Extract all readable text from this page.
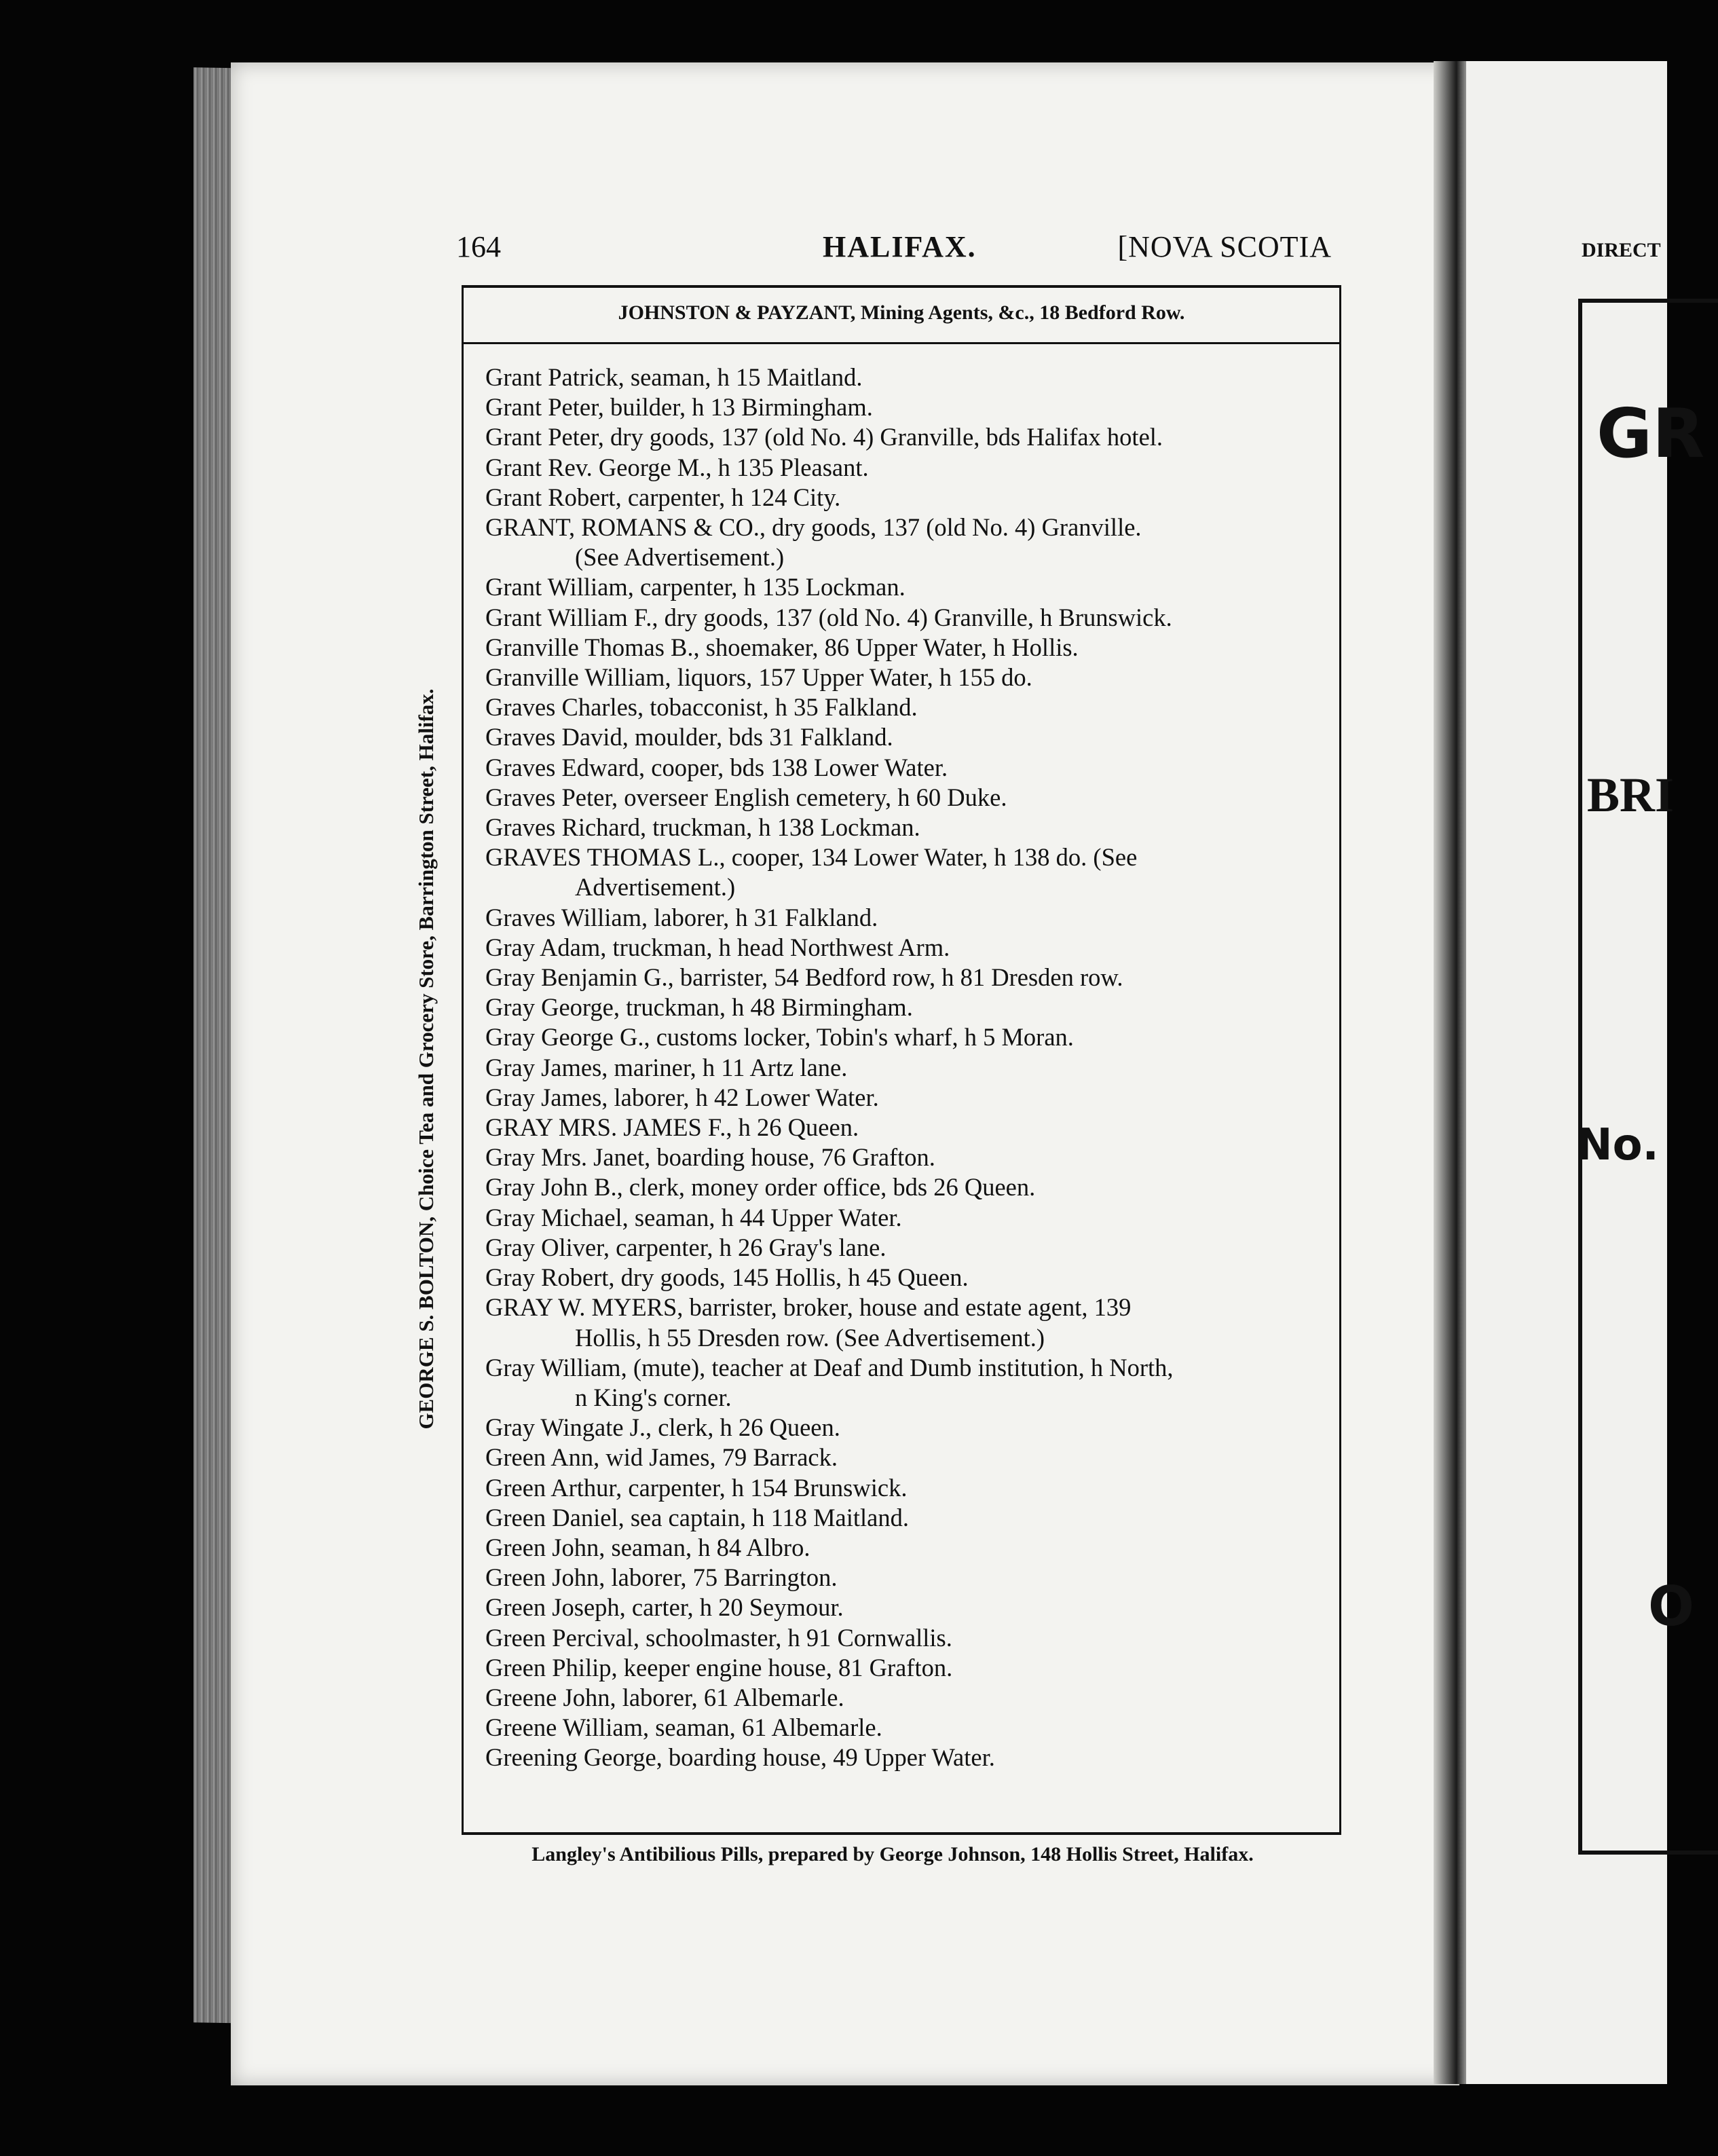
DIRECT
GR
BRI
No.
O
164	HALIFAX.	[NOVA SCOTIA
GEORGE S. BOLTON, Choice Tea and Grocery Store, Barrington Street, Halifax.
JOHNSTON & PAYZANT, Mining Agents, &c., 18 Bedford Row.
Grant Patrick, seaman, h 15 Maitland.
Grant Peter, builder, h 13 Birmingham.
Grant Peter, dry goods, 137 (old No. 4) Granville, bds Halifax hotel.
Grant Rev. George M., h 135 Pleasant.
Grant Robert, carpenter, h 124 City.
GRANT, ROMANS & CO., dry goods, 137 (old No. 4) Granville.
(See Advertisement.)
Grant William, carpenter, h 135 Lockman.
Grant William F., dry goods, 137 (old No. 4) Granville, h Brunswick.
Granville Thomas B., shoemaker, 86 Upper Water, h Hollis.
Granville William, liquors, 157 Upper Water, h 155 do.
Graves Charles, tobacconist, h 35 Falkland.
Graves David, moulder, bds 31 Falkland.
Graves Edward, cooper, bds 138 Lower Water.
Graves Peter, overseer English cemetery, h 60 Duke.
Graves Richard, truckman, h 138 Lockman.
GRAVES THOMAS L., cooper, 134 Lower Water, h 138 do. (See
Advertisement.)
Graves William, laborer, h 31 Falkland.
Gray Adam, truckman, h head Northwest Arm.
Gray Benjamin G., barrister, 54 Bedford row, h 81 Dresden row.
Gray George, truckman, h 48 Birmingham.
Gray George G., customs locker, Tobin's wharf, h 5 Moran.
Gray James, mariner, h 11 Artz lane.
Gray James, laborer, h 42 Lower Water.
GRAY MRS. JAMES F., h 26 Queen.
Gray Mrs. Janet, boarding house, 76 Grafton.
Gray John B., clerk, money order office, bds 26 Queen.
Gray Michael, seaman, h 44 Upper Water.
Gray Oliver, carpenter, h 26 Gray's lane.
Gray Robert, dry goods, 145 Hollis, h 45 Queen.
GRAY W. MYERS, barrister, broker, house and estate agent, 139
Hollis, h 55 Dresden row. (See Advertisement.)
Gray William, (mute), teacher at Deaf and Dumb institution, h North,
n King's corner.
Gray Wingate J., clerk, h 26 Queen.
Green Ann, wid James, 79 Barrack.
Green Arthur, carpenter, h 154 Brunswick.
Green Daniel, sea captain, h 118 Maitland.
Green John, seaman, h 84 Albro.
Green John, laborer, 75 Barrington.
Green Joseph, carter, h 20 Seymour.
Green Percival, schoolmaster, h 91 Cornwallis.
Green Philip, keeper engine house, 81 Grafton.
Greene John, laborer, 61 Albemarle.
Greene William, seaman, 61 Albemarle.
Greening George, boarding house, 49 Upper Water.
Langley's Antibilious Pills, prepared by George Johnson, 148 Hollis Street, Halifax.
